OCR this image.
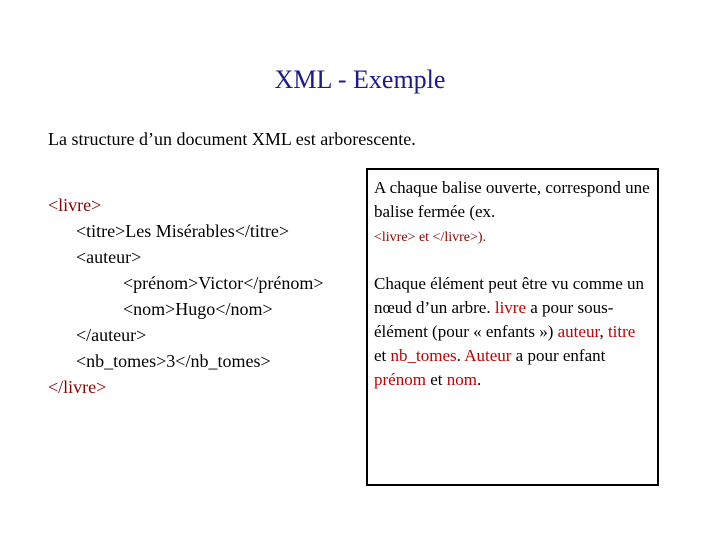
XML - Exemple
La structure d’un document XML est arborescente.
<livre>
<titre>Les Misérables</titre>
<auteur>
<prénom>Victor</prénom>
<nom>Hugo</nom>
</auteur>
<nb_tomes>3</nb_tomes>
</livre>

A chaque balise ouverte, correspond une balise fermée (ex.
<livre> et </livre>).

Chaque élément peut être vu comme un nœud d’un arbre. livre a pour sous-élément (pour « enfants ») auteur, titre et nb_tomes. Auteur a pour enfant prénom et nom.
